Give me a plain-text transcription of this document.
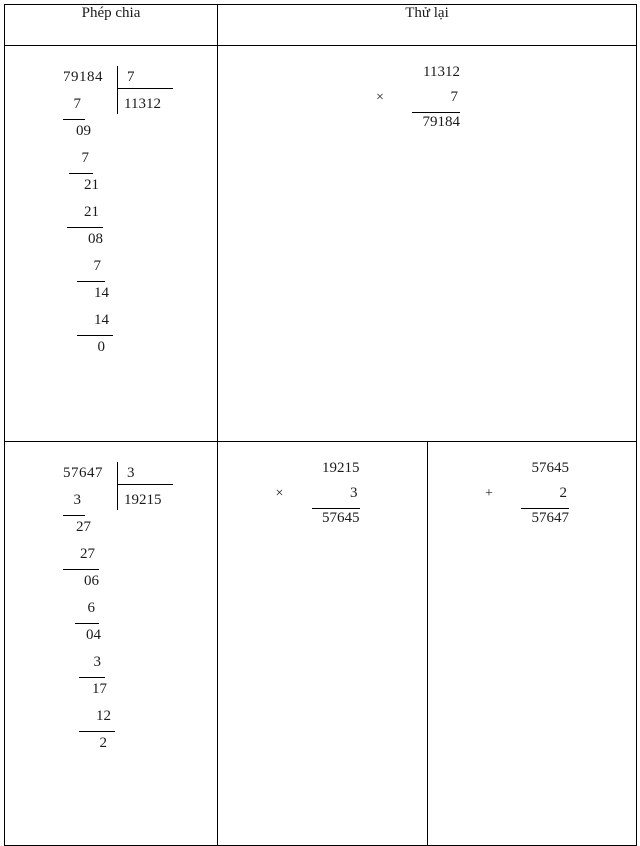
Phép chia	Thử lại

79184	7
11312
7
09
7
21
21
08
7
14
14
0

11312
×	7
79184

57647	3
19215
3
27
27
06
6
04
3
17
12
2

19215
×	3
57645
57645
+	2
57647
